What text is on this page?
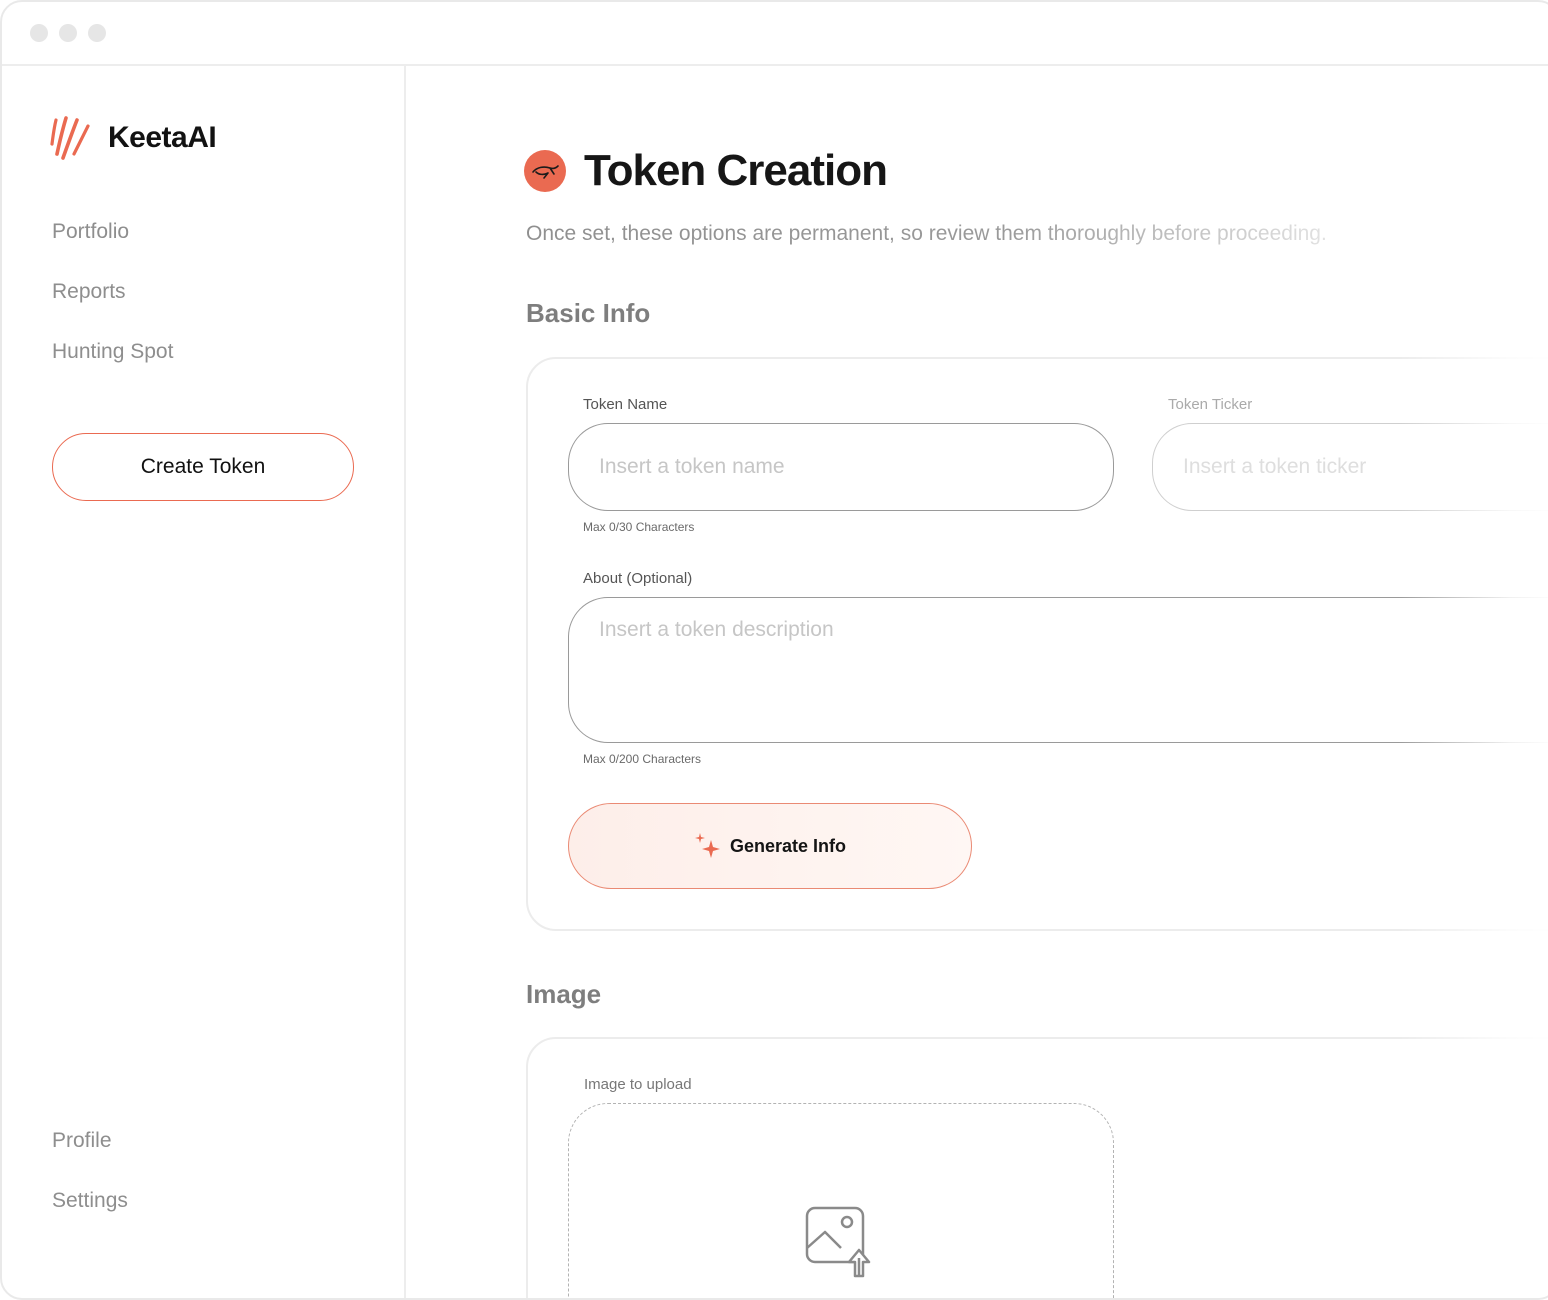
KeetaAI
Portfolio
Reports
Hunting Spot
Create Token
Profile
Settings
Token Creation
Once set, these options are permanent, so review them thoroughly before proceeding.
Basic Info
Token Name
Insert a token name
Max 0/30 Characters
Token Ticker
Insert a token ticker
About (Optional)
Insert a token description
Max 0/200 Characters
Generate Info
Image
Image to upload
